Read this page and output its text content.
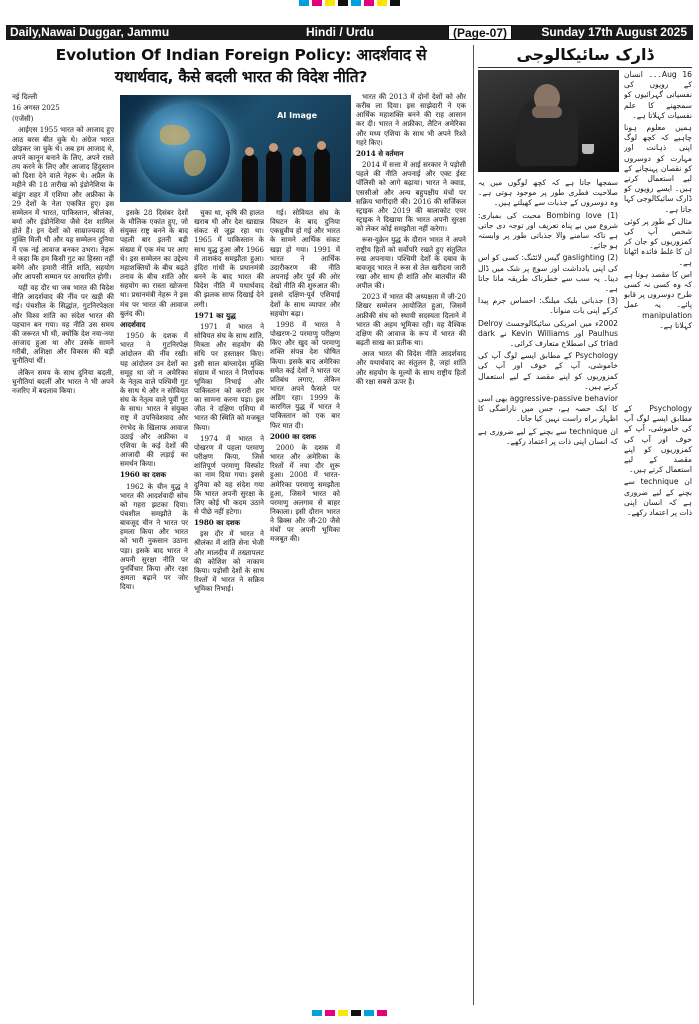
Daily,Nawai Duggar, Jammu	Hindi / Urdu	(Page-07)	Sunday 17th August 2025
Evolution Of Indian Foreign Policy: आदर्शवाद से
यथार्थवाद, कैसे बदली भारत की विदेश नीति?

नई दिल्ली

16 अगस्त 2025

(एजेंसी)

आईएस 1955 भारत को आजाद हुए आठ बरस बीत चुके थे। अंग्रेज भारत छोड़कर जा चुके थे। अब हम आजाद थे, अपने कानून बनाने के लिए, अपने रास्ते तय करने के लिए और आजाद हिंदुस्तान को दिशा देने वाले नेहरू थे। अप्रैल के महीने की 18 तारीख को इंडोनेशिया के बांडुंग शहर में एशिया और अफ्रीका के 29 देशों के नेता एकत्रित हुए। इस सम्मेलन में भारत, पाकिस्तान, श्रीलंका, बर्मा और इंडोनेशिया जैसे देश शामिल होते हैं। इन देशों को साम्राज्यवाद से मुक्ति मिली थी और यह सम्मेलन दुनिया में एक नई आवाज बनकर उभरा। नेहरू ने कहा कि हम किसी गुट का हिस्सा नहीं बनेंगे और हमारी नीति शांति, सहयोग और आपसी सम्मान पर आधारित होगी।

यही वह दौर था जब भारत की विदेश नीति आदर्शवाद की नींव पर खड़ी की गई। पंचशील के सिद्धांत, गुटनिरपेक्षता और विश्व शांति का संदेश भारत की पहचान बन गया। यह नीति उस समय की जरूरत भी थी, क्योंकि देश नया-नया आजाद हुआ था और उसके सामने गरीबी, अशिक्षा और विकास की बड़ी चुनौतियां थीं।

लेकिन समय के साथ दुनिया बदली, चुनौतियां बदलीं और भारत ने भी अपने नजरिए में बदलाव किया।

AI Image

इसके 28 दिसंबर देशों के मौलिक एकांत हुए, जो संयुक्त राष्ट्र बनने के बाद पहली बार इतनी बड़ी संख्या में एक मंच पर आए थे। इस सम्मेलन का उद्देश्य महाशक्तियों के बीच बढ़ते तनाव के बीच शांति और सहयोग का रास्ता खोजना था। प्रधानमंत्री नेहरू ने इस मंच पर भारत की आवाज बुलंद की।

आदर्शवाद

1950 के दशक में भारत ने गुटनिरपेक्ष आंदोलन की नींव रखी। यह आंदोलन उन देशों का समूह था जो न अमेरिका के नेतृत्व वाले पश्चिमी गुट के साथ थे और न सोवियत संघ के नेतृत्व वाले पूर्वी गुट के साथ। भारत ने संयुक्त राष्ट्र में उपनिवेशवाद और रंगभेद के खिलाफ आवाज उठाई और अफ्रीका व एशिया के कई देशों की आजादी की लड़ाई का समर्थन किया।

1960 का दशक

1962 के चीन युद्ध ने भारत की आदर्शवादी सोच को गहरा झटका दिया। पंचशील समझौते के बावजूद चीन ने भारत पर हमला किया और भारत को भारी नुकसान उठाना पड़ा। इसके बाद भारत ने अपनी सुरक्षा नीति पर पुनर्विचार किया और रक्षा क्षमता बढ़ाने पर जोर दिया।

चुका था, कृषि की हालत खराब थी और देश खाद्यान्न संकट से जूझ रहा था। 1965 में पाकिस्तान के साथ युद्ध हुआ और 1966 में ताशकंद समझौता हुआ। इंदिरा गांधी के प्रधानमंत्री बनने के बाद भारत की विदेश नीति में यथार्थवाद की झलक साफ दिखाई देने लगी।

1971 का युद्ध

1971 में भारत ने सोवियत संघ के साथ शांति, मित्रता और सहयोग की संधि पर हस्ताक्षर किए। इसी साल बांग्लादेश मुक्ति संग्राम में भारत ने निर्णायक भूमिका निभाई और पाकिस्तान को करारी हार का सामना करना पड़ा। इस जीत ने दक्षिण एशिया में भारत की स्थिति को मजबूत किया।

1974 में भारत ने पोखरण में पहला परमाणु परीक्षण किया, जिसे शांतिपूर्ण परमाणु विस्फोट का नाम दिया गया। इससे दुनिया को यह संदेश गया कि भारत अपनी सुरक्षा के लिए कोई भी कदम उठाने से पीछे नहीं हटेगा।

1980 का दशक

इस दौर में भारत ने श्रीलंका में शांति सेना भेजी और मालदीव में तख्तापलट की कोशिश को नाकाम किया। पड़ोसी देशों के साथ रिश्तों में भारत ने सक्रिय भूमिका निभाई।

गई। सोवियत संघ के विघटन के बाद दुनिया एकध्रुवीय हो गई और भारत के सामने आर्थिक संकट खड़ा हो गया। 1991 में भारत ने आर्थिक उदारीकरण की नीति अपनाई और पूर्व की ओर देखो नीति की शुरुआत की। इससे दक्षिण-पूर्व एशियाई देशों के साथ व्यापार और सहयोग बढ़ा।

1998 में भारत ने पोखरण-2 परमाणु परीक्षण किए और खुद को परमाणु शक्ति संपन्न देश घोषित किया। इसके बाद अमेरिका समेत कई देशों ने भारत पर प्रतिबंध लगाए, लेकिन भारत अपने फैसले पर अडिग रहा। 1999 के कारगिल युद्ध में भारत ने पाकिस्तान को एक बार फिर मात दी।

2000 का दशक

2000 के दशक में भारत और अमेरिका के रिश्तों में नया दौर शुरू हुआ। 2008 में भारत-अमेरिका परमाणु समझौता हुआ, जिसने भारत को परमाणु अलगाव से बाहर निकाला। इसी दौरान भारत ने ब्रिक्स और जी-20 जैसे मंचों पर अपनी भूमिका मजबूत की।

भारत की 2013 में दोनों देशों को और करीब ला दिया। इस साझेदारी ने एक आर्थिक महाशक्ति बनने की राह आसान कर दी। भारत ने अफ्रीका, लैटिन अमेरिका और मध्य एशिया के साथ भी अपने रिश्ते गहरे किए।

2014 से वर्तमान

2014 में सत्ता में आई सरकार ने पड़ोसी पहले की नीति अपनाई और एक्ट ईस्ट पॉलिसी को आगे बढ़ाया। भारत ने क्वाड, एससीओ और अन्य बहुपक्षीय मंचों पर सक्रिय भागीदारी की। 2016 की सर्जिकल स्ट्राइक और 2019 की बालाकोट एयर स्ट्राइक ने दिखाया कि भारत अपनी सुरक्षा को लेकर कोई समझौता नहीं करेगा।

रूस-यूक्रेन युद्ध के दौरान भारत ने अपने राष्ट्रीय हितों को सर्वोपरि रखते हुए संतुलित रुख अपनाया। पश्चिमी देशों के दबाव के बावजूद भारत ने रूस से तेल खरीदना जारी रखा और साथ ही शांति और बातचीत की अपील की।

2023 में भारत की अध्यक्षता में जी-20 शिखर सम्मेलन आयोजित हुआ, जिसमें अफ्रीकी संघ को स्थायी सदस्यता दिलाने में भारत की अहम भूमिका रही। यह वैश्विक दक्षिण की आवाज के रूप में भारत की बढ़ती साख का प्रतीक था।

आज भारत की विदेश नीति आदर्शवाद और यथार्थवाद का संतुलन है, जहां शांति और सहयोग के मूल्यों के साथ राष्ट्रीय हितों की रक्षा सबसे ऊपर है।

ڈارک سائیکالوجی

16 Aug۔۔۔ انسان کے رویوں کی نفسیاتی گہرائیوں کو سمجھنے کا علم نفسیات کہلاتا ہے۔

ہمیں معلوم ہونا چاہیے کہ کچھ لوگ اپنی ذہانت اور مہارت کو دوسروں کو نقصان پہنچانے کے لیے استعمال کرتے ہیں۔ ایسے رویوں کو ڈارک سائیکالوجی کہا جاتا ہے۔

مثال کے طور پر کوئی شخص آپ کی کمزوریوں کو جان کر ان کا غلط فائدہ اٹھاتا ہے۔

اس کا مقصد ہوتا ہے کہ وہ کسی نہ کسی طرح دوسروں پر قابو پائے۔ یہ عمل manipulation کہلاتا ہے۔

سمجھا جاتا ہے کہ کچھ لوگوں میں یہ صلاحیت فطری طور پر موجود ہوتی ہے۔ وہ دوسروں کے جذبات سے کھیلتے ہیں۔

(1) Bombing love محبت کی بمباری: شروع میں بے پناہ تعریف اور توجہ دی جاتی ہے تاکہ سامنے والا جذباتی طور پر وابستہ ہو جائے۔

(2) gaslighting گیس لائٹنگ: کسی کو اس کی اپنی یادداشت اور سوچ پر شک میں ڈال دینا۔ یہ سب سے خطرناک طریقہ مانا جاتا ہے۔

(3) جذباتی بلیک میلنگ: احساس جرم پیدا کرکے اپنی بات منوانا۔

2002ء میں امریکی سائیکالوجسٹ Delroy Paulhus اور Kevin Williams نے dark triad کی اصطلاح متعارف کرائی۔

Psychology کے مطابق ایسے لوگ آپ کی خاموشی، آپ کے خوف اور آپ کی کمزوریوں کو اپنے مقصد کے لیے استعمال کرتے ہیں۔

aggressive-passive behavior بھی اسی کا ایک حصہ ہے، جس میں ناراضگی کا اظہار براہ راست نہیں کیا جاتا۔

ان technique سے بچنے کے لیے ضروری ہے کہ انسان اپنی ذات پر اعتماد رکھے۔

Psychology کے مطابق ایسے لوگ آپ کی خاموشی، آپ کے خوف اور آپ کی کمزوریوں کو اپنے مقصد کے لیے استعمال کرتے ہیں۔

ان technique سے بچنے کے لیے ضروری ہے کہ انسان اپنی ذات پر اعتماد رکھے۔
